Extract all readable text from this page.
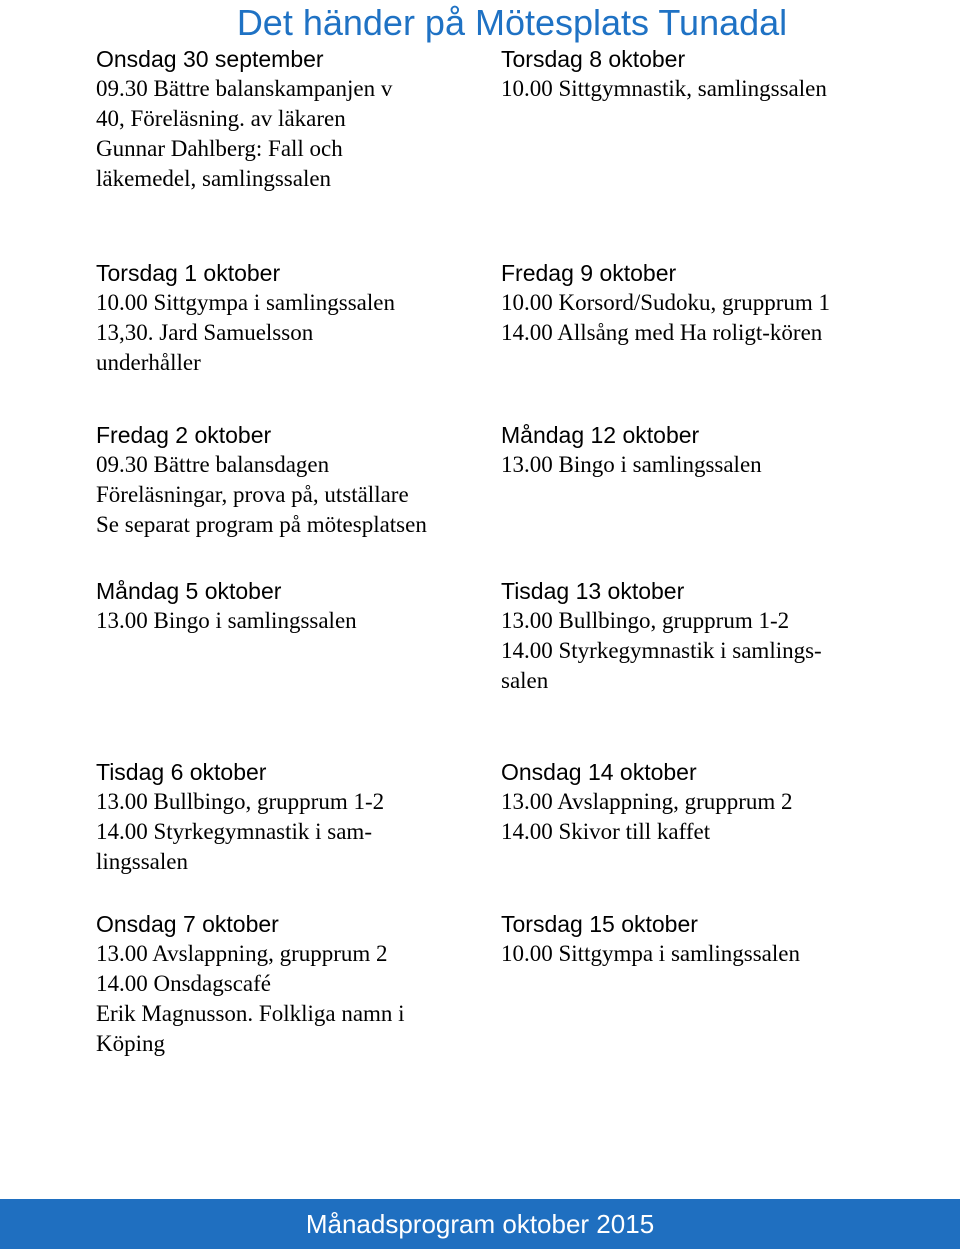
Det händer på Mötesplats Tunadal
Onsdag 30 september
09.30 Bättre balanskampanjen v
40, Föreläsning. av läkaren
Gunnar Dahlberg: Fall och
läkemedel, samlingssalen
Torsdag 8 oktober
10.00 Sittgymnastik, samlingssalen
Torsdag 1 oktober
10.00 Sittgympa i samlingssalen
13,30. Jard Samuelsson
underhåller
Fredag 9 oktober
10.00 Korsord/Sudoku, grupprum 1
14.00 Allsång med Ha roligt-kören
Fredag 2 oktober
09.30 Bättre balansdagen
Föreläsningar, prova på, utställare
Se separat program på mötesplatsen
Måndag 12 oktober
13.00 Bingo i samlingssalen
Måndag 5 oktober
13.00 Bingo i samlingssalen
Tisdag 13 oktober
13.00 Bullbingo, grupprum 1-2
14.00 Styrkegymnastik i samlings-
salen
Tisdag 6 oktober
13.00 Bullbingo, grupprum 1-2
14.00 Styrkegymnastik i sam-
lingssalen
Onsdag 14 oktober
13.00 Avslappning, grupprum 2
14.00 Skivor till kaffet
Onsdag 7 oktober
13.00 Avslappning, grupprum 2
14.00 Onsdagscafé
Erik Magnusson. Folkliga namn i
Köping
Torsdag 15 oktober
10.00 Sittgympa i samlingssalen
Månadsprogram oktober 2015
